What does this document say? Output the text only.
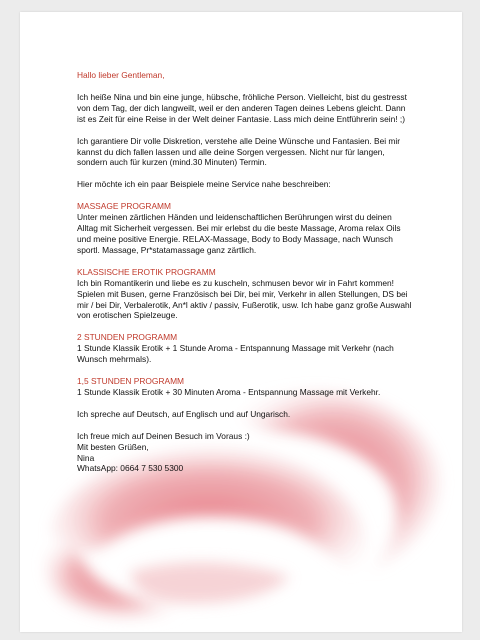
Hallo lieber Gentleman,

Ich heiße Nina und bin eine junge, hübsche, fröhliche Person. Vielleicht, bist du gestresst von dem Tag, der dich langweilt, weil er den anderen Tagen deines Lebens gleicht. Dann ist es Zeit für eine Reise in der Welt deiner Fantasie. Lass mich deine Entführerin sein! ;)

Ich garantiere Dir volle Diskretion, verstehe alle Deine Wünsche und Fantasien. Bei mir kannst du dich fallen lassen und alle deine Sorgen vergessen. Nicht nur für langen, sondern auch für kurzen (mind.30 Minuten) Termin.

Hier möchte ich ein paar Beispiele meine Service nahe beschreiben:

MASSAGE PROGRAMM

Unter meinen zärtlichen Händen und leidenschaftlichen Berührungen wirst du deinen Alltag mit Sicherheit vergessen. Bei mir erlebst du die beste Massage, Aroma relax Oils und meine positive Energie. RELAX-Massage, Body to Body Massage, nach Wunsch sportl. Massage, Pr*statamassage ganz zärtlich.

KLASSISCHE EROTIK PROGRAMM

Ich bin Romantikerin und liebe es zu kuscheln, schmusen bevor wir in Fahrt kommen! Spielen mit Busen, gerne Französisch bei Dir, bei mir, Verkehr in allen Stellungen, DS bei mir / bei Dir, Verbalerotik, An*l aktiv / passiv, Fußerotik, usw. Ich habe ganz große Auswahl von erotischen Spielzeuge.

2 STUNDEN PROGRAMM

1 Stunde Klassik Erotik + 1 Stunde Aroma - Entspannung Massage mit Verkehr (nach Wunsch mehrmals).

1,5 STUNDEN PROGRAMM

1 Stunde Klassik Erotik + 30 Minuten Aroma - Entspannung Massage mit Verkehr.

Ich spreche auf Deutsch, auf Englisch und auf Ungarisch.

Ich freue mich auf Deinen Besuch im Voraus :)

Mit besten Grüßen,

Nina

WhatsApp: 0664 7 530 5300
